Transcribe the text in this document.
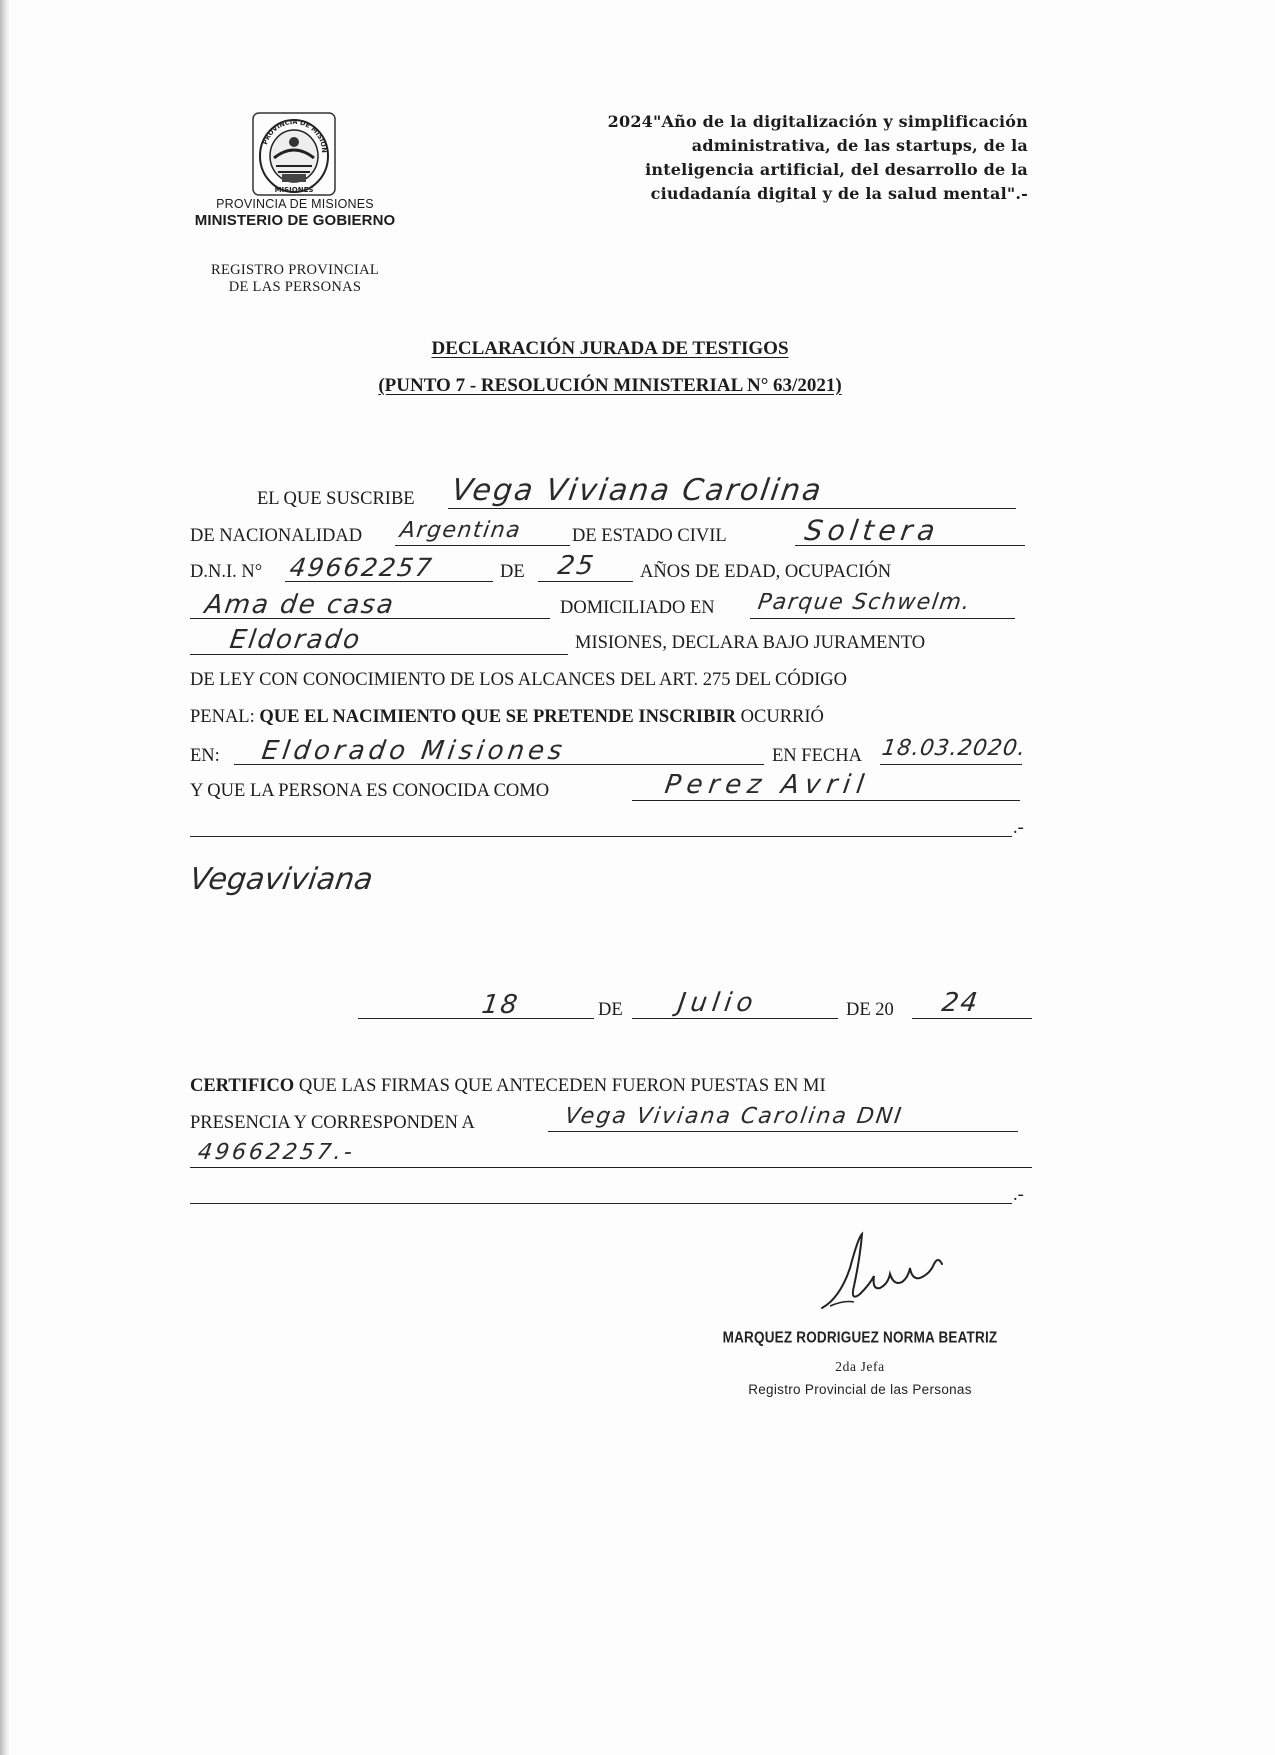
PROVINCIA DE MISION
MISIONES
PROVINCIA DE MISIONES
MINISTERIO DE GOBIERNO
REGISTRO PROVINCIAL
DE LAS PERSONAS
2024"Año de la digitalización y simplificación
administrativa, de las startups, de la
inteligencia artificial, del desarrollo de la
ciudadanía digital y de la salud mental".-
DECLARACIÓN JURADA DE TESTIGOS
(PUNTO 7 - RESOLUCIÓN MINISTERIAL N° 63/2021)
EL QUE SUSCRIBE Vega Viviana Carolina
DE NACIONALIDAD Argentina	DE ESTADO CIVIL	Soltera
D.N.I. N° 49662257	DE 25 AÑOS DE EDAD, OCUPACIÓN
Ama de casa	DOMICILIADO EN Parque Schwelm.
Eldorado	MISIONES, DECLARA BAJO JURAMENTO
DE LEY CON CONOCIMIENTO DE LOS ALCANCES DEL ART. 275 DEL CÓDIGO
PENAL: QUE EL NACIMIENTO QUE SE PRETENDE INSCRIBIR OCURRIÓ
EN: Eldorado Misiones	EN FECHA 18.03.2020.
Y QUE LA PERSONA ES CONOCIDA COMO	Perez Avril
.-
Vegaviviana
18	DE Julio	DE 20 24
CERTIFICO QUE LAS FIRMAS QUE ANTECEDEN FUERON PUESTAS EN MI
PRESENCIA Y CORRESPONDEN A	Vega Viviana Carolina DNI
49662257.-
.-
MARQUEZ RODRIGUEZ NORMA BEATRIZ
2da Jefa
Registro Provincial de las Personas
